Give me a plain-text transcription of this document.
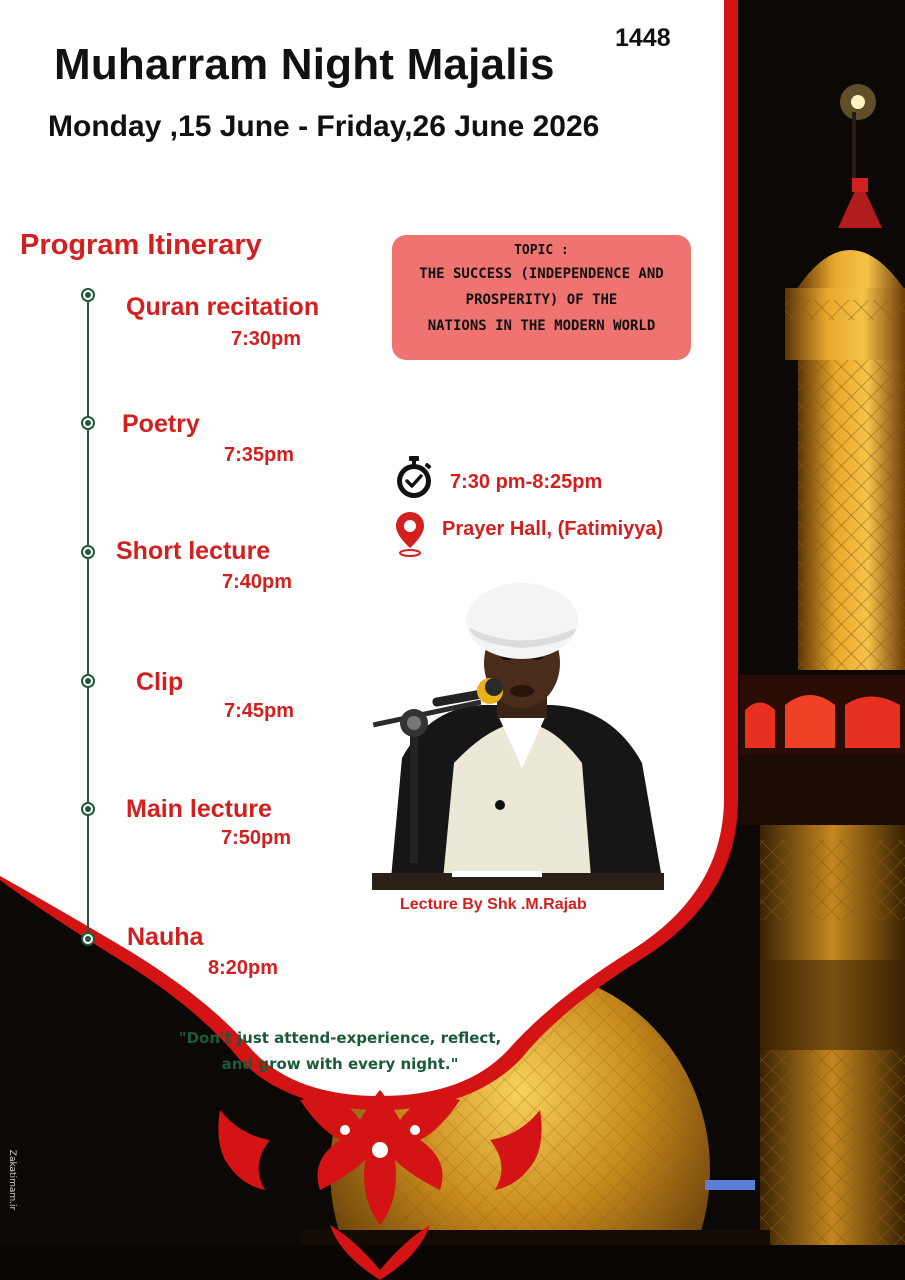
Muharram Night Majalis
1448
Monday ,15 June - Friday,26 June 2026
Program Itinerary
Quran recitation
7:30pm
Poetry
7:35pm
Short lecture
7:40pm
Clip
7:45pm
Main lecture
7:50pm
Nauha
8:20pm
TOPIC :
THE SUCCESS (INDEPENDENCE AND
PROSPERITY) OF THE
NATIONS IN THE MODERN WORLD
7:30 pm-8:25pm
Prayer Hall, (Fatimiyya)
Lecture By Shk .M.Rajab
"Don't just attend-experience, reflect,
and grow with every night."
Zakatimam.ir
